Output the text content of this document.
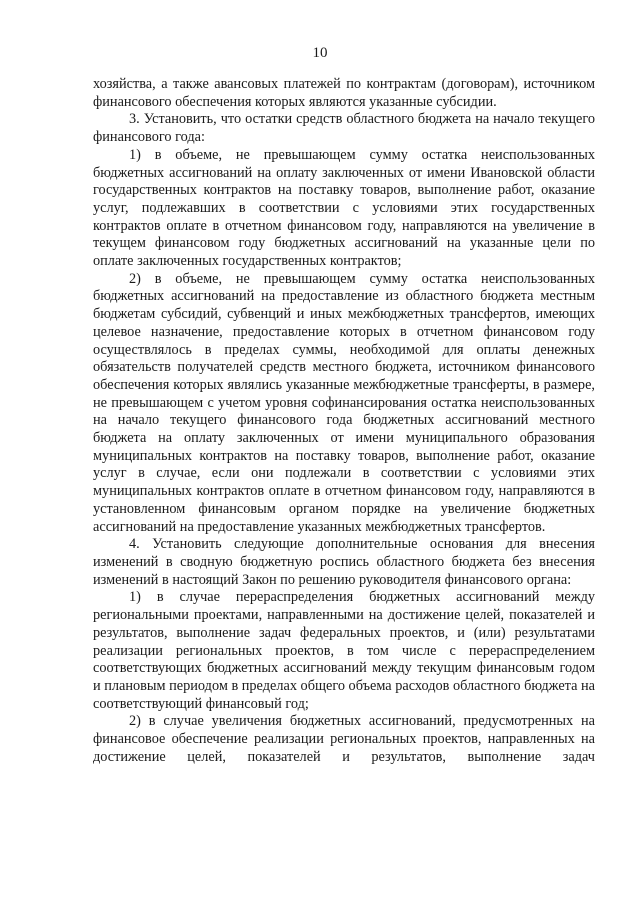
10

хозяйства, а также авансовых платежей по контрактам (договорам), источником финансового обеспечения которых являются указанные субсидии.

3. Установить, что остатки средств областного бюджета на начало текущего финансового года:

1) в объеме, не превышающем сумму остатка неиспользованных бюджетных ассигнований на оплату заключенных от имени Ивановской области государственных контрактов на поставку товаров, выполнение работ, оказание услуг, подлежавших в соответствии с условиями этих государственных контрактов оплате в отчетном финансовом году, направляются на увеличение в текущем финансовом году бюджетных ассигнований на указанные цели по оплате заключенных государственных контрактов;

2) в объеме, не превышающем сумму остатка неиспользованных бюджетных ассигнований на предоставление из областного бюджета местным бюджетам субсидий, субвенций и иных межбюджетных трансфертов, имеющих целевое назначение, предоставление которых в отчетном финансовом году осуществлялось в пределах суммы, необходимой для оплаты денежных обязательств получателей средств местного бюджета, источником финансового обеспечения которых являлись указанные межбюджетные трансферты, в размере, не превышающем с учетом уровня софинансирования остатка неиспользованных на начало текущего финансового года бюджетных ассигнований местного бюджета на оплату заключенных от имени муниципального образования муниципальных контрактов на поставку товаров, выполнение работ, оказание услуг в случае, если они подлежали в соответствии с условиями этих муниципальных контрактов оплате в отчетном финансовом году, направляются в установленном финансовым органом порядке на увеличение бюджетных ассигнований на предоставление указанных межбюджетных трансфертов.

4. Установить следующие дополнительные основания для внесения изменений в сводную бюджетную роспись областного бюджета без внесения изменений в настоящий Закон по решению руководителя финансового органа:

1) в случае перераспределения бюджетных ассигнований между региональными проектами, направленными на достижение целей, показателей и результатов, выполнение задач федеральных проектов, и (или) результатами реализации региональных проектов, в том числе с перераспределением соответствующих бюджетных ассигнований между текущим финансовым годом и плановым периодом в пределах общего объема расходов областного бюджета на соответствующий финансовый год;

2) в случае увеличения бюджетных ассигнований, предусмотренных на финансовое обеспечение реализации региональных проектов, направленных на достижение целей, показателей и результатов, выполнение задач
